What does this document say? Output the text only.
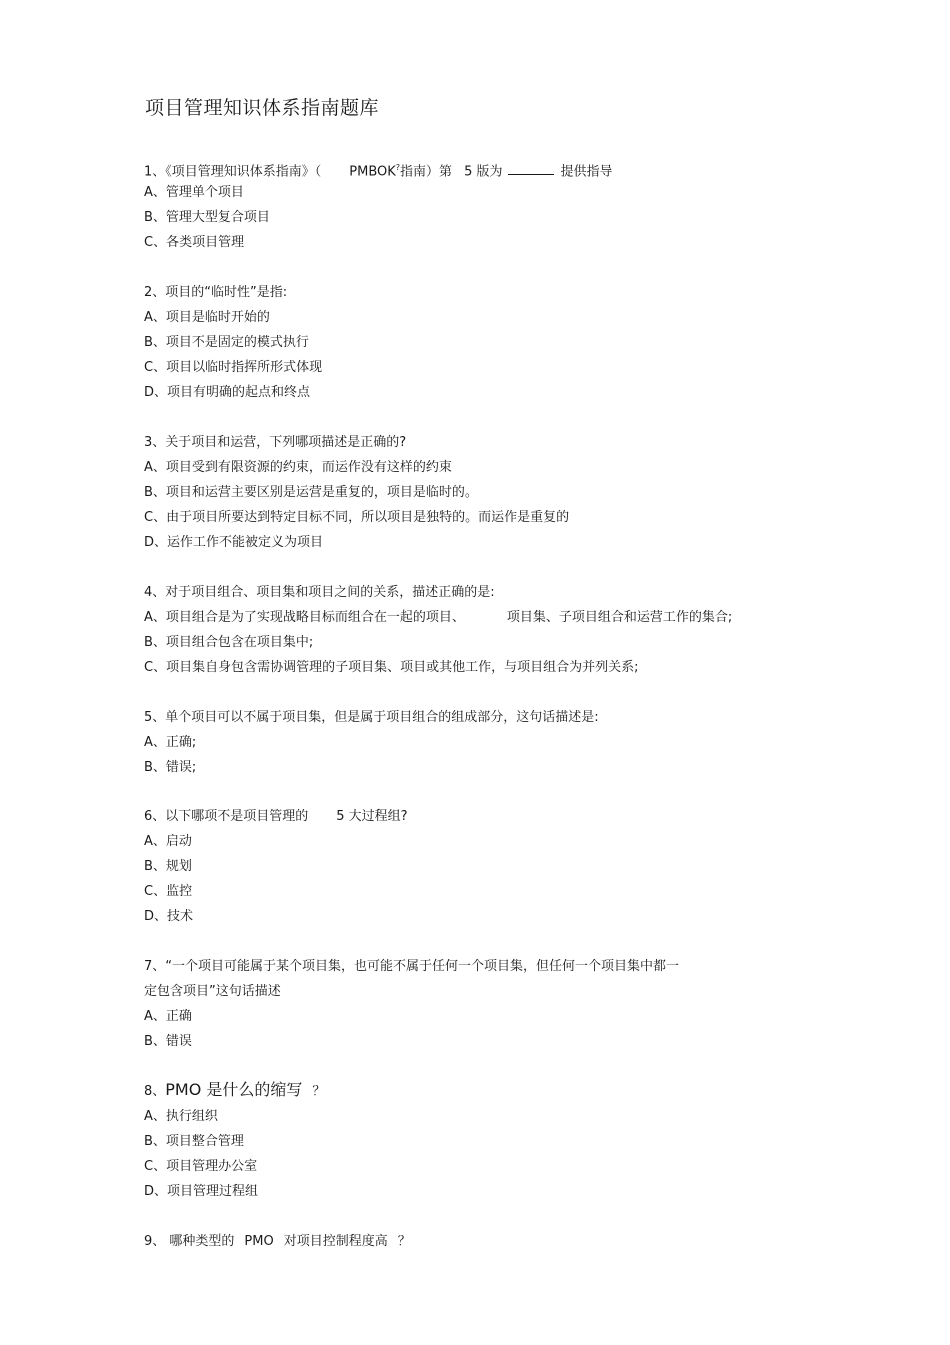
项目管理知识体系指南题库
1、《项目管理知识体系指南》（ PMBOK?指南）第 5 版为	提供指导
A、管理单个项目
B、管理大型复合项目
C、各类项目管理
2、项目的“临时性”是指:
A、项目是临时开始的
B、项目不是固定的模式执行
C、项目以临时指挥所形式体现
D、项目有明确的起点和终点
3、关于项目和运营，下列哪项描述是正确的?
A、项目受到有限资源的约束，而运作没有这样的约束
B、项目和运营主要区别是运营是重复的，项目是临时的。
C、由于项目所要达到特定目标不同，所以项目是独特的。而运作是重复的
D、运作工作不能被定义为项目
4、对于项目组合、项目集和项目之间的关系，描述正确的是:
A、项目组合是为了实现战略目标而组合在一起的项目、	项目集、子项目组合和运营工作的集合;
B、项目组合包含在项目集中;
C、项目集自身包含需协调管理的子项目集、项目或其他工作，与项目组合为并列关系;
5、单个项目可以不属于项目集，但是属于项目组合的组成部分，这句话描述是:
A、正确;
B、错误;
6、以下哪项不是项目管理的 5 大过程组?
A、启动
B、规划
C、监控
D、技术
7、“一个项目可能属于某个项目集，也可能不属于任何一个项目集，但任何一个项目集中都一
定包含项目”这句话描述
A、正确
B、错误
8、PMO 是什么的缩写 ？
A、执行组织
B、项目整合管理
C、项目管理办公室
D、项目管理过程组
9、 哪种类型的 PMO 对项目控制程度高 ？
